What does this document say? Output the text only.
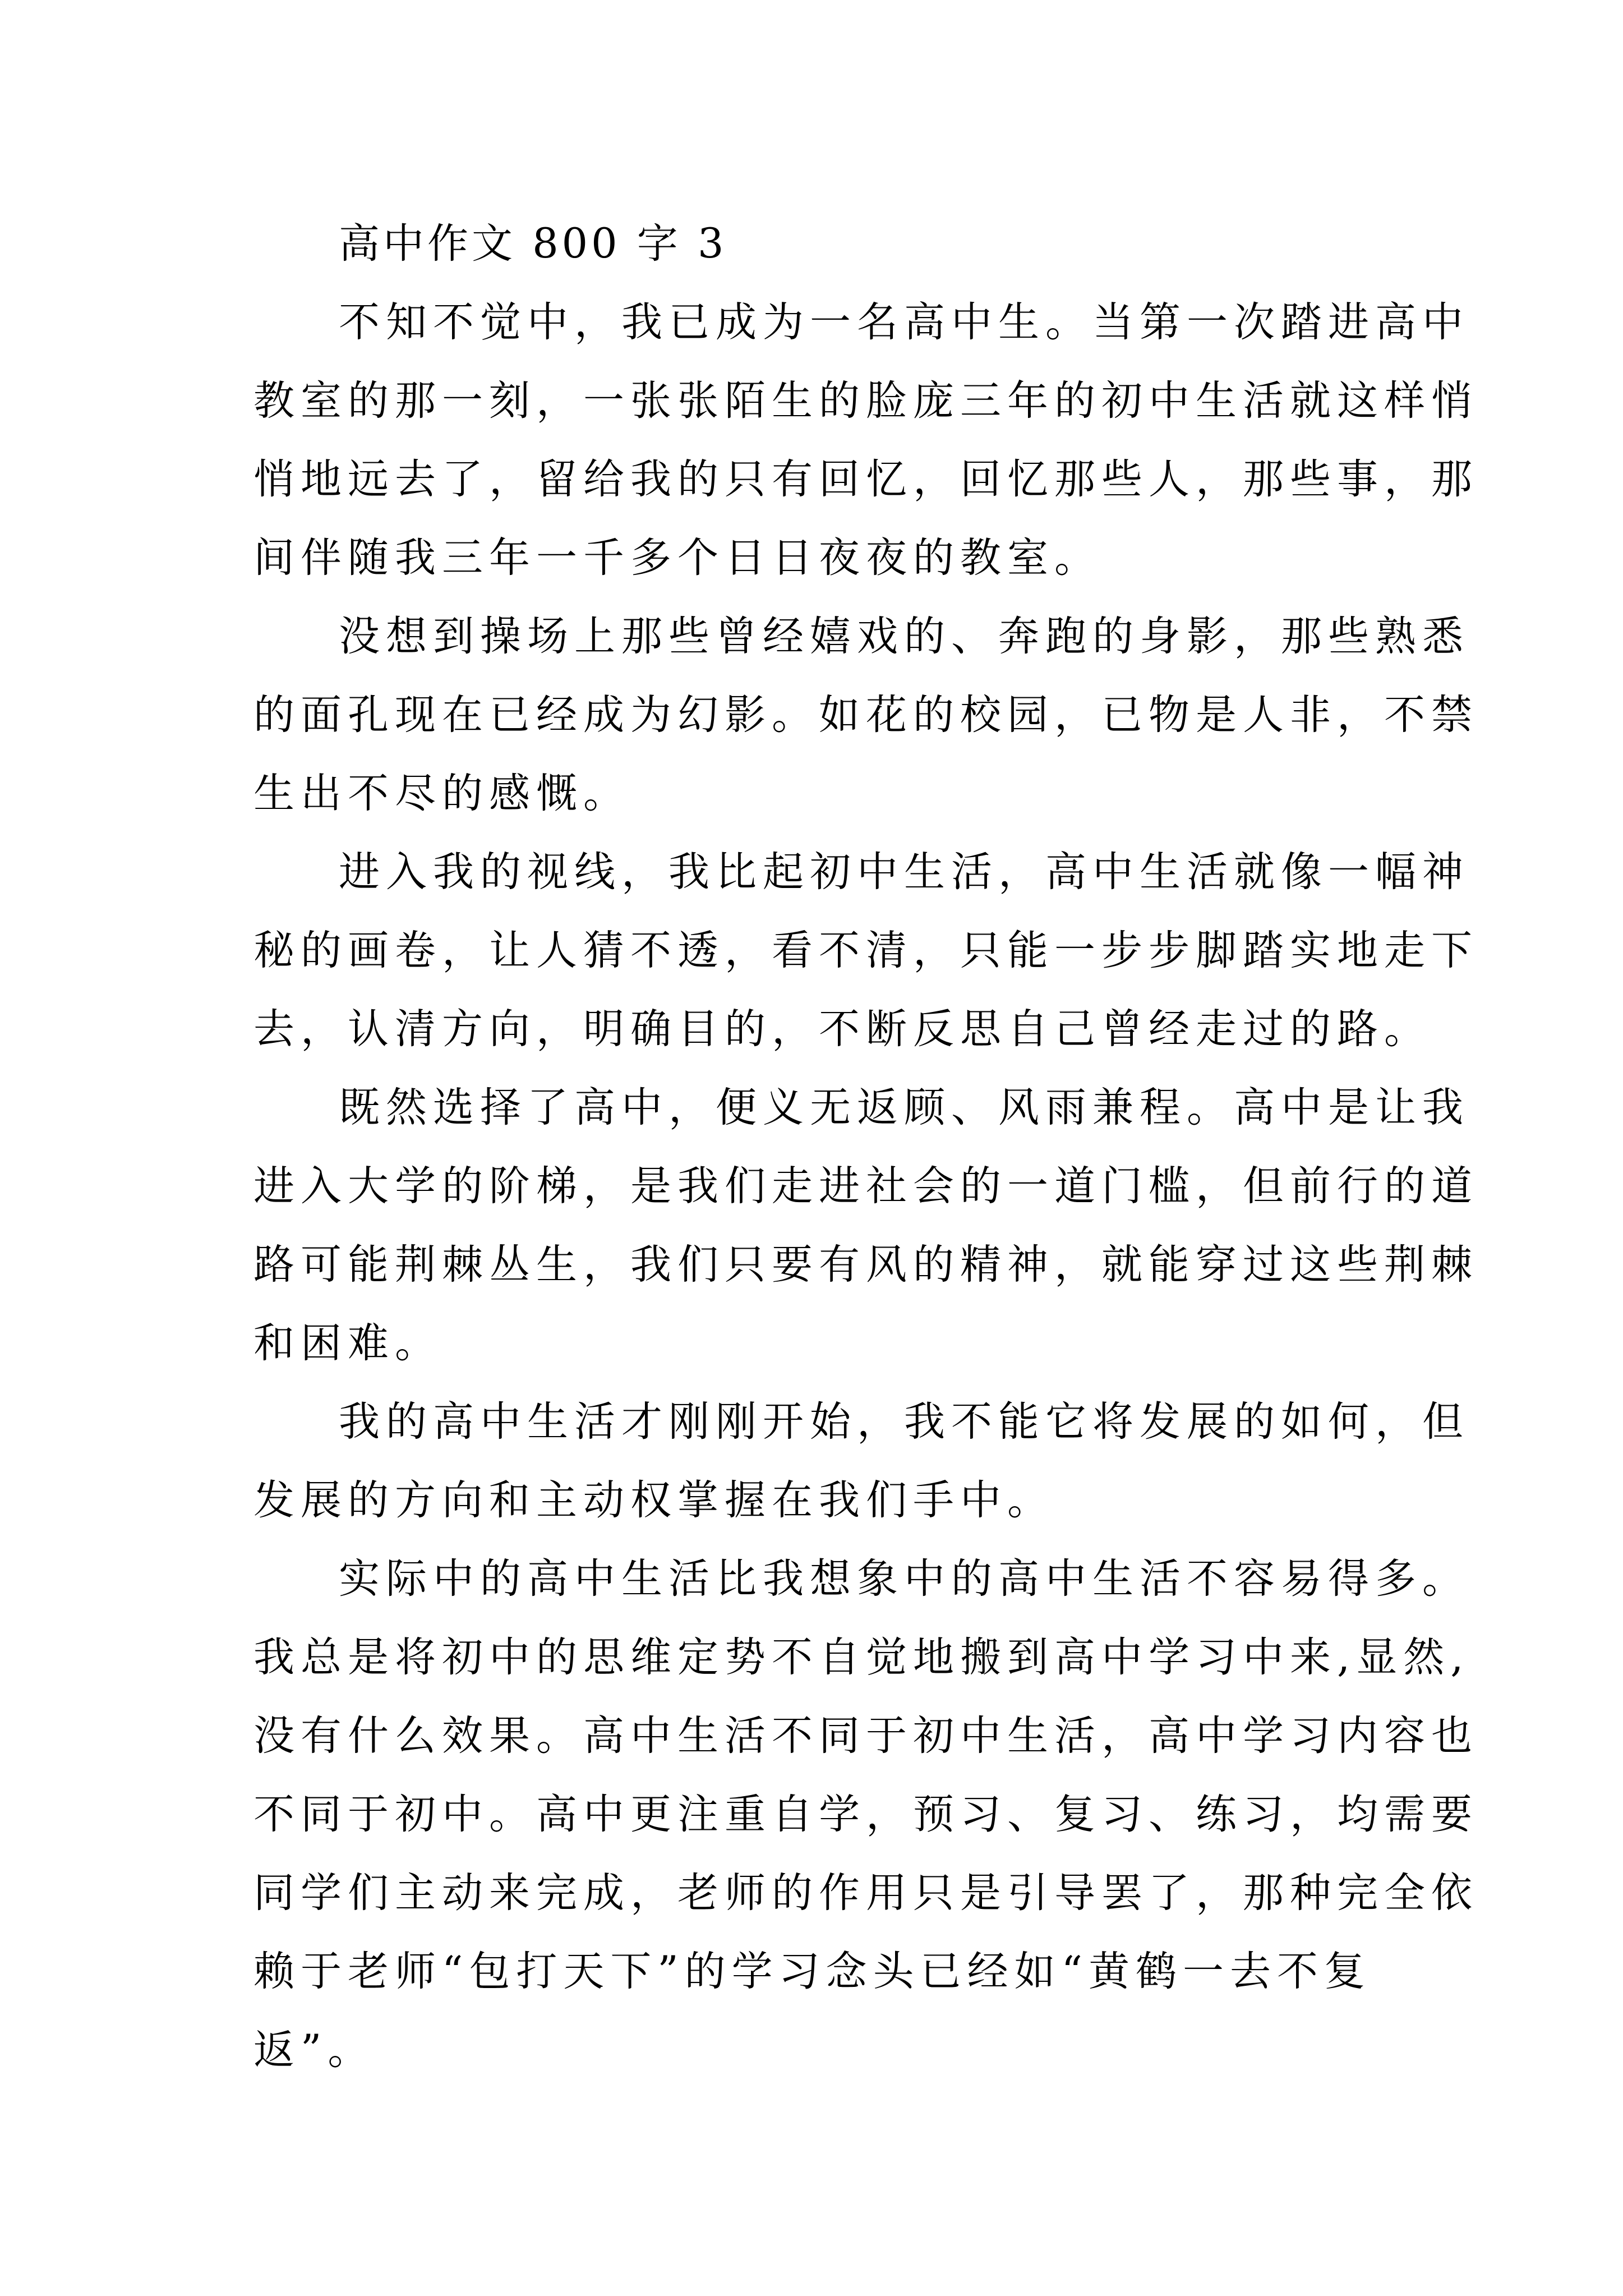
高中作文 800 字 3
不知不觉中，我已成为一名高中生。当第一次踏进高中
教室的那一刻，一张张陌生的脸庞三年的初中生活就这样悄
悄地远去了，留给我的只有回忆，回忆那些人，那些事，那
间伴随我三年一千多个日日夜夜的教室。
没想到操场上那些曾经嬉戏的、奔跑的身影，那些熟悉
的面孔现在已经成为幻影。如花的校园，已物是人非，不禁
生出不尽的感慨。
进入我的视线，我比起初中生活，高中生活就像一幅神
秘的画卷，让人猜不透，看不清，只能一步步脚踏实地走下
去，认清方向，明确目的，不断反思自己曾经走过的路。
既然选择了高中，便义无返顾、风雨兼程。高中是让我
进入大学的阶梯，是我们走进社会的一道门槛，但前行的道
路可能荆棘丛生，我们只要有风的精神，就能穿过这些荆棘
和困难。
我的高中生活才刚刚开始，我不能它将发展的如何，但
发展的方向和主动权掌握在我们手中。
实际中的高中生活比我想象中的高中生活不容易得多。
我总是将初中的思维定势不自觉地搬到高中学习中来,显然,
没有什么效果。高中生活不同于初中生活，高中学习内容也
不同于初中。高中更注重自学，预习、复习、练习，均需要
同学们主动来完成，老师的作用只是引导罢了，那种完全依
赖于老师“包打天下”的学习念头已经如“黄鹤一去不复
返”。
